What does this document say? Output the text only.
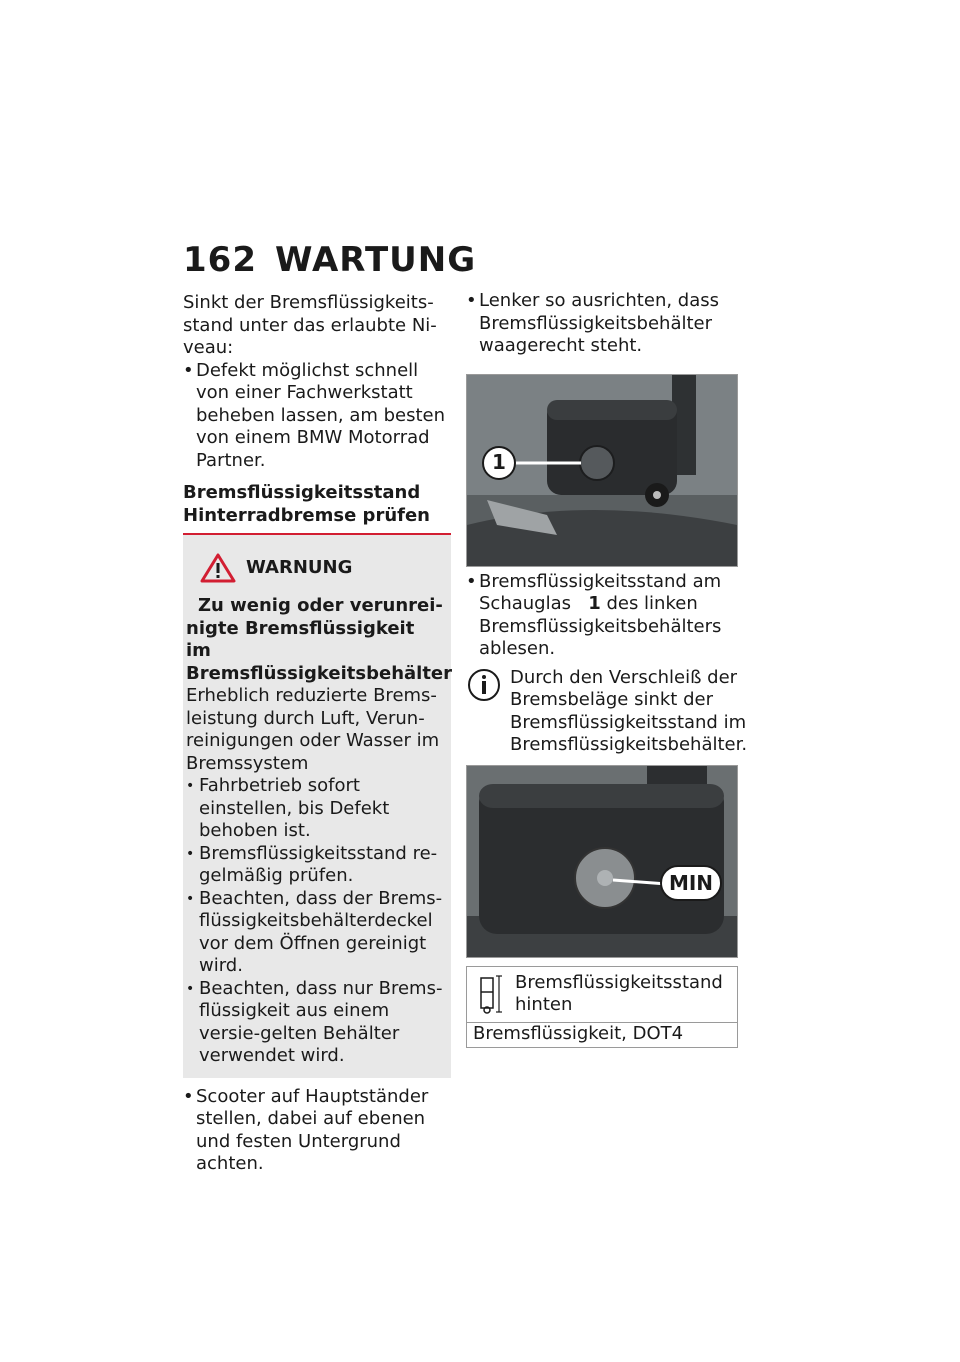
162 WARTUNG

Sinkt der Bremsflüssigkeits-stand unter das erlaubte Ni-veau:

• Defekt möglichst schnell von einer Fachwerkstatt beheben lassen, am besten von einem BMW Motorrad Partner.

Bremsflüssigkeitsstand
Hinterradbremse prüfen
WARNUNG

Zu wenig oder verunrei-nigte Bremsflüssigkeit im Bremsflüssigkeitsbehälter

Erheblich reduzierte Brems-leistung durch Luft, Verun-reinigungen oder Wasser im Bremssystem

• Fahrbetrieb sofort einstellen, bis Defekt behoben ist.

• Bremsflüssigkeitsstand re-gelmäßig prüfen.

• Beachten, dass der Brems-flüssigkeitsbehälterdeckel vor dem Öffnen gereinigt wird.

• Beachten, dass nur Brems-flüssigkeit aus einem versie-gelten Behälter verwendet wird.

• Scooter auf Hauptständer stellen, dabei auf ebenen und festen Untergrund achten.

• Lenker so ausrichten, dass Bremsflüssigkeitsbehälter waagerecht steht.

1

• Bremsflüssigkeitsstand am Schauglas 1 des linken Bremsflüssigkeitsbehälters ablesen.

Durch den Verschleiß der Bremsbeläge sinkt der Bremsflüssigkeitsstand im Bremsflüssigkeitsbehälter.

MIN
Bremsflüssigkeitsstand hinten
Bremsflüssigkeit, DOT4
